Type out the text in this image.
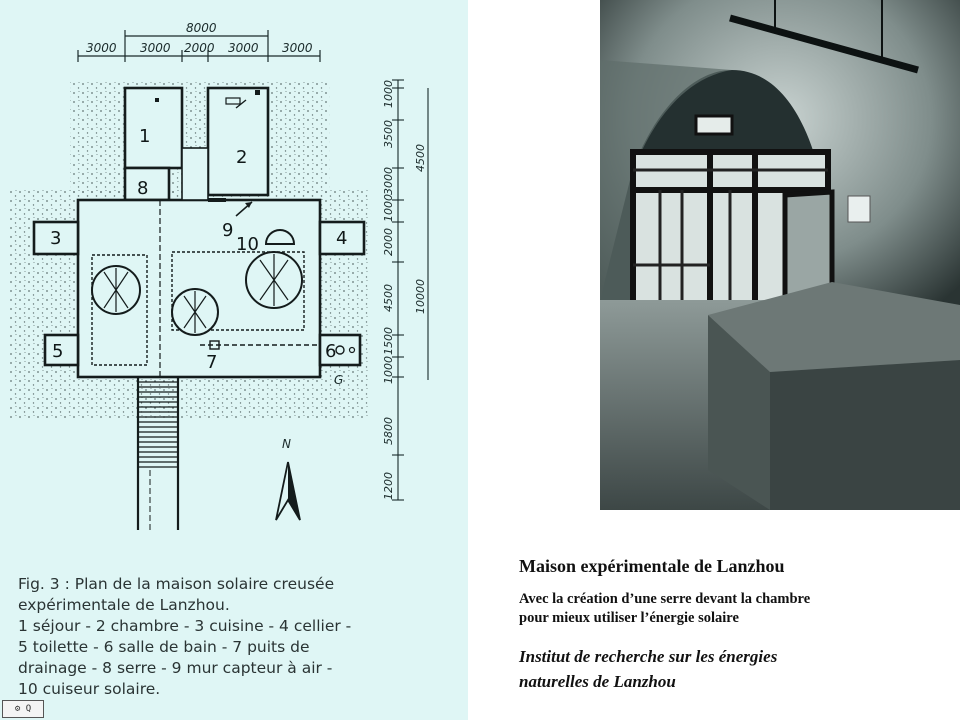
8000
3000 3000 2000 3000 3000
1000
3500
3000
1000
2000
4500
1500
1000
5800
1200
4500
10000
1
2
3	4
5	6
7
8
9
10
G
N
Fig. 3 : Plan de la maison solaire creusée
expérimentale de Lanzhou.
1 séjour - 2 chambre - 3 cuisine - 4 cellier -
5 toilette - 6 salle de bain - 7 puits de
drainage - 8 serre - 9 mur capteur à air -
10 cuiseur solaire.
⚙ Q
Maison expérimentale de Lanzhou
Avec la création d’une serre devant la chambre
pour mieux utiliser l’énergie solaire
Institut de recherche sur les énergies
naturelles de Lanzhou
